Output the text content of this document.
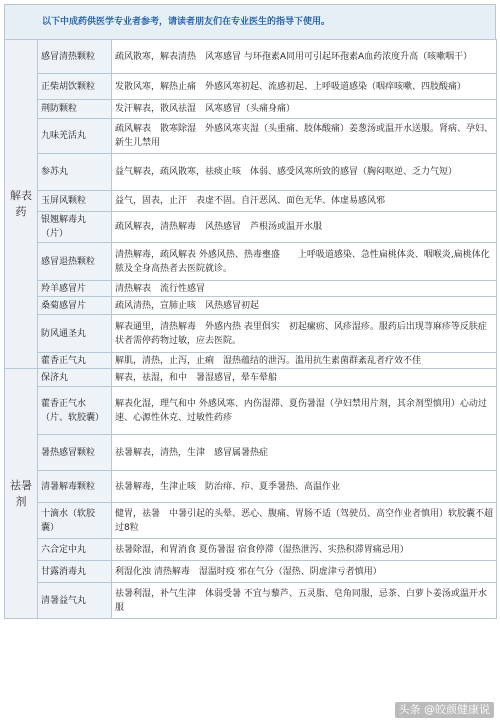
以下中成药供医学专业者参考，请读者朋友们在专业医生的指导下使用。
解表药	感冒清热颗粒	疏风散寒，解表清热　风寒感冒 与环孢素A同用可引起环孢素A血药浓度升高（咳嗽咽干）
	正柴胡饮颗粒	发散风寒，解热止痛　外感风寒初起、流感初起、上呼吸道感染（咽痒咳嗽、四肢酸痛）
	荆防颗粒	发汗解表，散风祛湿　风寒感冒（头痛身痛）
	九味羌活丸	疏风解表　散寒除湿　外感风寒夹湿（头重痛、肢体酸痛）姜葱汤或温开水送服。肾病、孕妇、新生儿禁用
	参苏丸	益气解表，疏风散寒，祛痰止咳　体弱、感受风寒所致的感冒（胸闷呕逆、乏力气短）
	玉屏风颗粒	益气，固表，止汗　表虚不固。自汗恶风、面色无华、体虚易感风邪
	银翘解毒丸（片）	疏风解表，清热解毒　风热感冒　芦根汤或温开水服
	感冒退热颗粒	清热解毒，疏风解表 外感风热、热毒壅盛　　上呼吸道感染、急性扁桃体炎、咽喉炎,扁桃体化脓及全身高热者去医院就诊。
	羚羊感冒片	清热解表　流行性感冒
	桑菊感冒片	疏风清热，宣肺止咳　风热感冒初起
	防风通圣丸	解表通里，清热解毒　外感内热 表里俱实　初起瘰疬、风疹湿疹。服药后出现荨麻疹等反肤症状者需停药物过敏，应去医院。
	藿香正气丸	解肌，清热，止泻，止痢　湿热蕴结的泄泻。滥用抗生素菌群紊乱者疗效不佳
祛暑剂	保济丸	解表，祛湿，和中　暑湿感冒，晕车晕船
	藿香正气水（片、软胶囊）	解表化湿，理气和中 外感风寒、内伤湿滞、夏伤暑湿（孕妇禁用片剂，其余剂型慎用）心动过速、心源性休克、过敏性药疹
	暑热感冒颗粒	祛暑解表，清热，生津　感冒属暑热症
	清暑解毒颗粒	祛暑解毒，生津止咳　防治痱、疖、夏季暑热、高温作业
	十滴水（软胶囊）	健胃，祛暑　中暑引起的头晕、恶心、腹痛、胃肠不适（驾驶员、高空作业者慎用）软胶囊不超过8粒
	六合定中丸	祛暑除湿，和胃消食 夏伤暑湿 宿食停滞（湿热泄泻、实热积滞胃痛忌用）
	甘露消毒丸	利湿化浊 清热解毒　湿温时疫 邪在气分（湿热、阴虚津亏者慎用）
	清暑益气丸	祛暑利湿，补气生津　体弱受暑 不宜与藜芦、五灵脂、皂角同服，忌茶、白萝卜姜汤或温开水服
头条 @皎颜健康说
